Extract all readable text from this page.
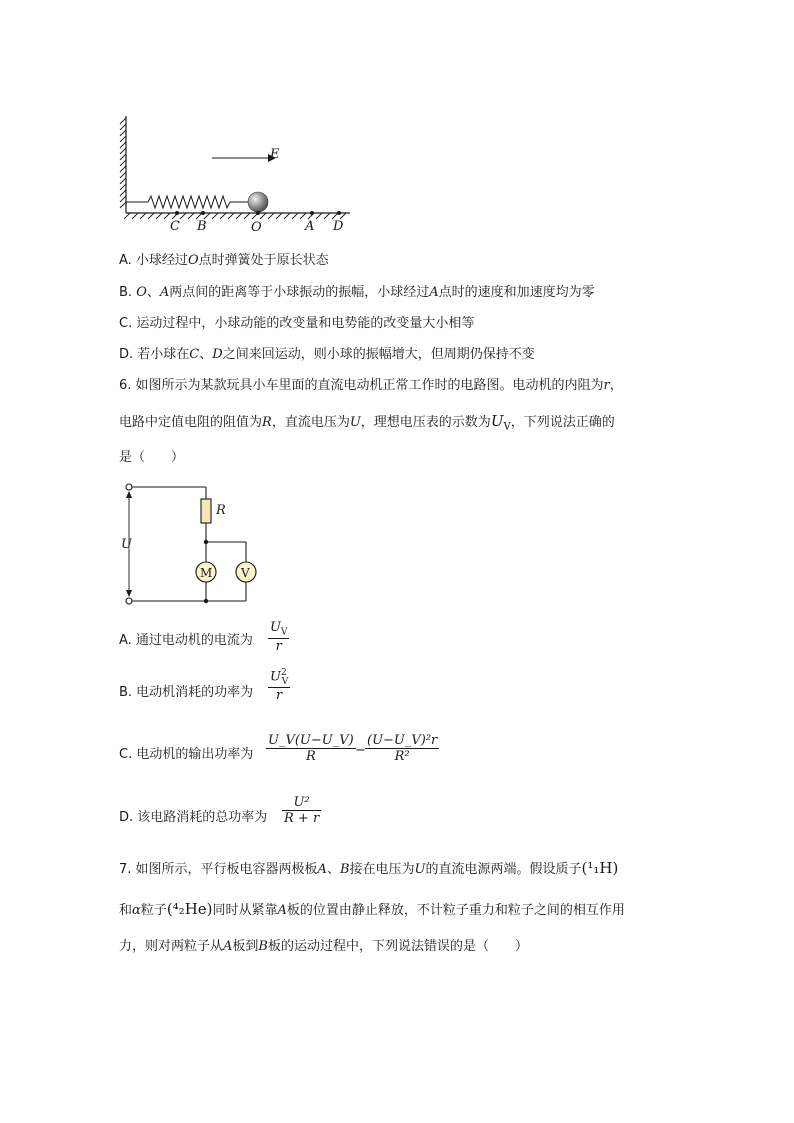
E
C B	O	A D
A. 小球经过O点时弹簧处于原长状态
B. O、A两点间的距离等于小球振动的振幅，小球经过A点时的速度和加速度均为零
C. 运动过程中，小球动能的改变量和电势能的改变量大小相等
D. 若小球在C、D之间来回运动，则小球的振幅增大，但周期仍保持不变
6. 如图所示为某款玩具小车里面的直流电动机正常工作时的电路图。电动机的内阻为r，
电路中定值电阻的阻值为R，直流电压为U，理想电压表的示数为$U_V$，下列说法正确的
是（　　）
R
U
M V
A. 通过电动机的电流为 $\frac{U_V}{r}$
B. 电动机消耗的功率为 $\frac{U^2_V}{r}$
C. 电动机的输出功率为 $\frac{U\_V(U-U\_V)}{R} - \frac{\text{(U−U\_V)²r}}{\text{R²}}$
D. 该电路消耗的总功率为 $\frac{\text{U²}}{R + r}$
7. 如图所示，平行板电容器两极板A、B接在电压为U的直流电源两端。假设质子(¹₁H)
和α粒子(⁴₂He)同时从紧靠A板的位置由静止释放，不计粒子重力和粒子之间的相互作用
力，则对两粒子从A板到B板的运动过程中，下列说法错误的是（　　）
